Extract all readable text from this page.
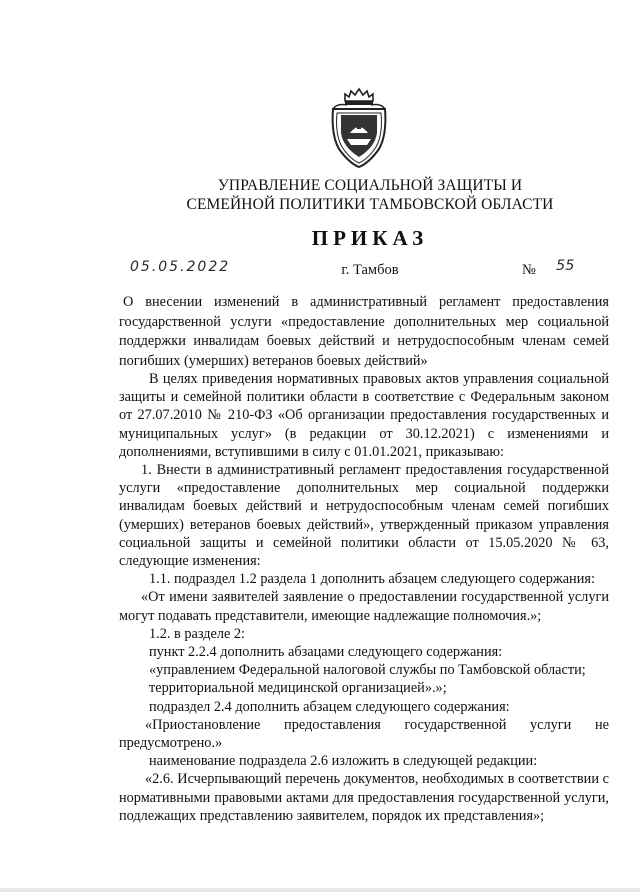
УПРАВЛЕНИЕ СОЦИАЛЬНОЙ ЗАЩИТЫ И
СЕМЕЙНОЙ ПОЛИТИКИ ТАМБОВСКОЙ ОБЛАСТИ
ПРИКАЗ
05.05.2022	г. Тамбов	№ 55
О внесении изменений в административный регламент предоставления государственной услуги «предоставление дополнительных мер социальной поддержки инвалидам боевых действий и нетрудоспособным членам семей погибших (умерших) ветеранов боевых действий»

В целях приведения нормативных правовых актов управления социальной защиты и семейной политики области в соответствие с Федеральным законом от 27.07.2010 № 210-ФЗ «Об организации предоставления государственных и муниципальных услуг» (в редакции от 30.12.2021) с изменениями и дополнениями, вступившими в силу с 01.01.2021, приказываю:

1. Внести в административный регламент предоставления государственной услуги «предоставление дополнительных мер социальной поддержки инвалидам боевых действий и нетрудоспособным членам семей погибших (умерших) ветеранов боевых действий», утвержденный приказом управления социальной защиты и семейной политики области от 15.05.2020 № 63, следующие изменения:

1.1. подраздел 1.2 раздела 1 дополнить абзацем следующего содержания:

«От имени заявителей заявление о предоставлении государственной услуги могут подавать представители, имеющие надлежащие полномочия.»;

1.2. в разделе 2:

пункт 2.2.4 дополнить абзацами следующего содержания:

«управлением Федеральной налоговой службы по Тамбовской области;

территориальной медицинской организацией».»;

подраздел 2.4 дополнить абзацем следующего содержания:

«Приостановление предоставления государственной услуги не предусмотрено.»

наименование подраздела 2.6 изложить в следующей редакции:

«2.6. Исчерпывающий перечень документов, необходимых в соответствии с нормативными правовыми актами для предоставления государственной услуги, подлежащих представлению заявителем, порядок их представления»;
